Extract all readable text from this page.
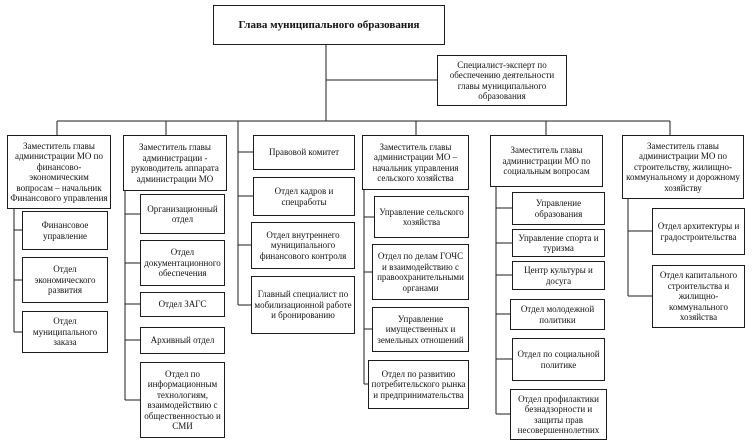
Глава муниципального образования
Специалист-эксперт по обеспечению деятельности главы муниципального образования
Заместитель главы администрации МО по финансово-экономическим вопросам – начальник Финансового управления
Финансовое управление
Отдел экономического развития
Отдел муниципального заказа
Заместитель главы администрации - руководитель аппарата администрации МО
Организационный отдел
Отдел документационного обеспечения
Отдел ЗАГС
Архивный отдел
Отдел по информационным технологиям, взаимодействию с общественностью и СМИ
Правовой комитет
Отдел кадров и спецработы
Отдел внутреннего муниципального финансового контроля
Главный специалист по мобилизационной работе и бронированию
Заместитель главы администрации МО – начальник управления сельского хозяйства
Управление сельского хозяйства
Отдел по делам ГОЧС и взаимодействию с правоохранительными органами
Управление имущественных и земельных отношений
Отдел по развитию потребительского рынка и предпринимательства
Заместитель главы администрации МО по социальным вопросам
Управление образования
Управление спорта и туризма
Центр культуры и досуга
Отдел молодежной политики
Отдел по социальной политике
Отдел профилактики безнадзорности и защиты прав несовершеннолетних
Заместитель главы администрации МО по строительству, жилищно-коммунальному и дорожному хозяйству
Отдел архитектуры и градостроительства
Отдел капитального строительства и жилищно-коммунального хозяйства
